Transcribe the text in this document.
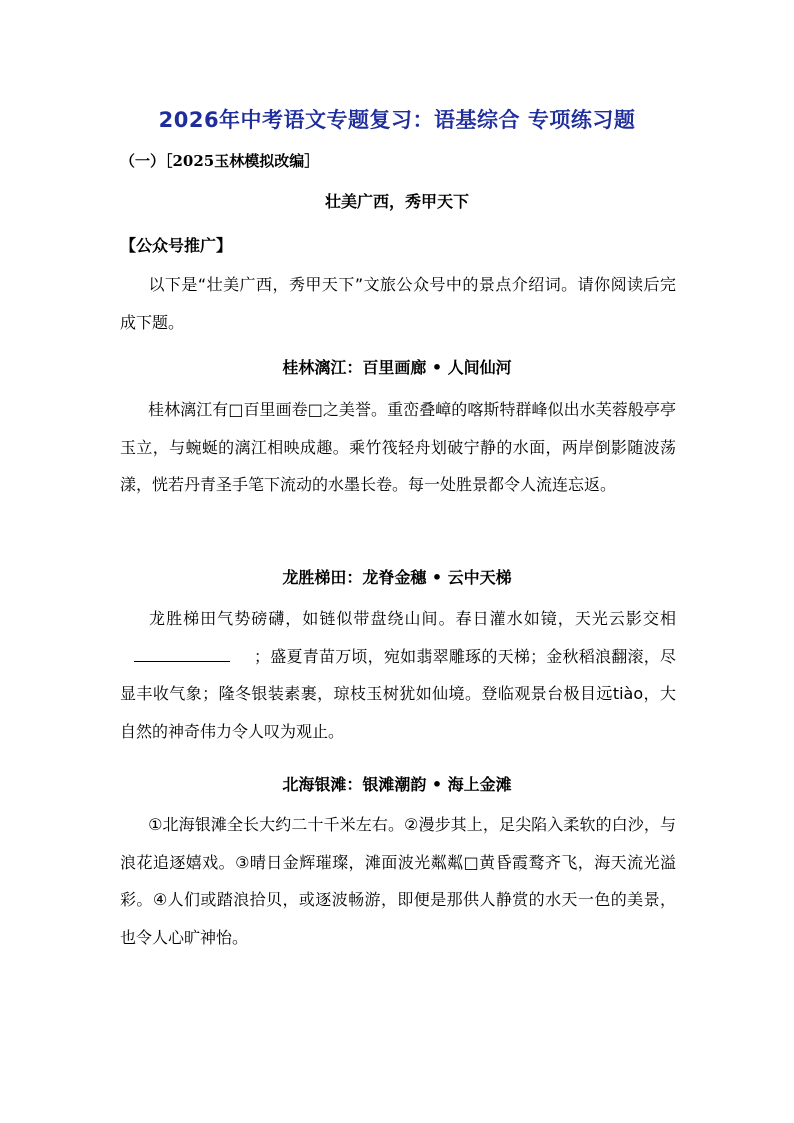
2026年中考语文专题复习：语基综合 专项练习题
（一）［2025玉林模拟改编］
壮美广西，秀甲天下
【公众号推广】
以下是“壮美广西，秀甲天下”文旅公众号中的景点介绍词。请你阅读后完成下题。
桂林漓江：百里画廊 • 人间仙河
桂林漓江有□百里画卷□之美誉。重峦叠嶂的喀斯特群峰似出水芙蓉般亭亭玉立，与蜿蜒的漓江相映成趣。乘竹筏轻舟划破宁静的水面，两岸倒影随波荡漾，恍若丹青圣手笔下流动的水墨长卷。每一处胜景都令人流连忘返。
龙胜梯田：龙脊金穗 • 云中天梯
龙胜梯田气势磅礴，如链似带盘绕山间。春日灌水如镜，天光云影交相；盛夏青苗万顷，宛如翡翠雕琢的天梯；金秋稻浪翻滚，尽显丰收气象；隆冬银装素裹，琼枝玉树犹如仙境。登临观景台极目远tiào，大自然的神奇伟力令人叹为观止。
北海银滩：银滩潮韵 • 海上金滩
①北海银滩全长大约二十千米左右。②漫步其上，足尖陷入柔软的白沙，与浪花追逐嬉戏。③晴日金辉璀璨，滩面波光粼粼□黄昏霞鹜齐飞，海天流光溢彩。④人们或踏浪拾贝，或逐波畅游，即便是那供人静赏的水天一色的美景，也令人心旷神怡。
